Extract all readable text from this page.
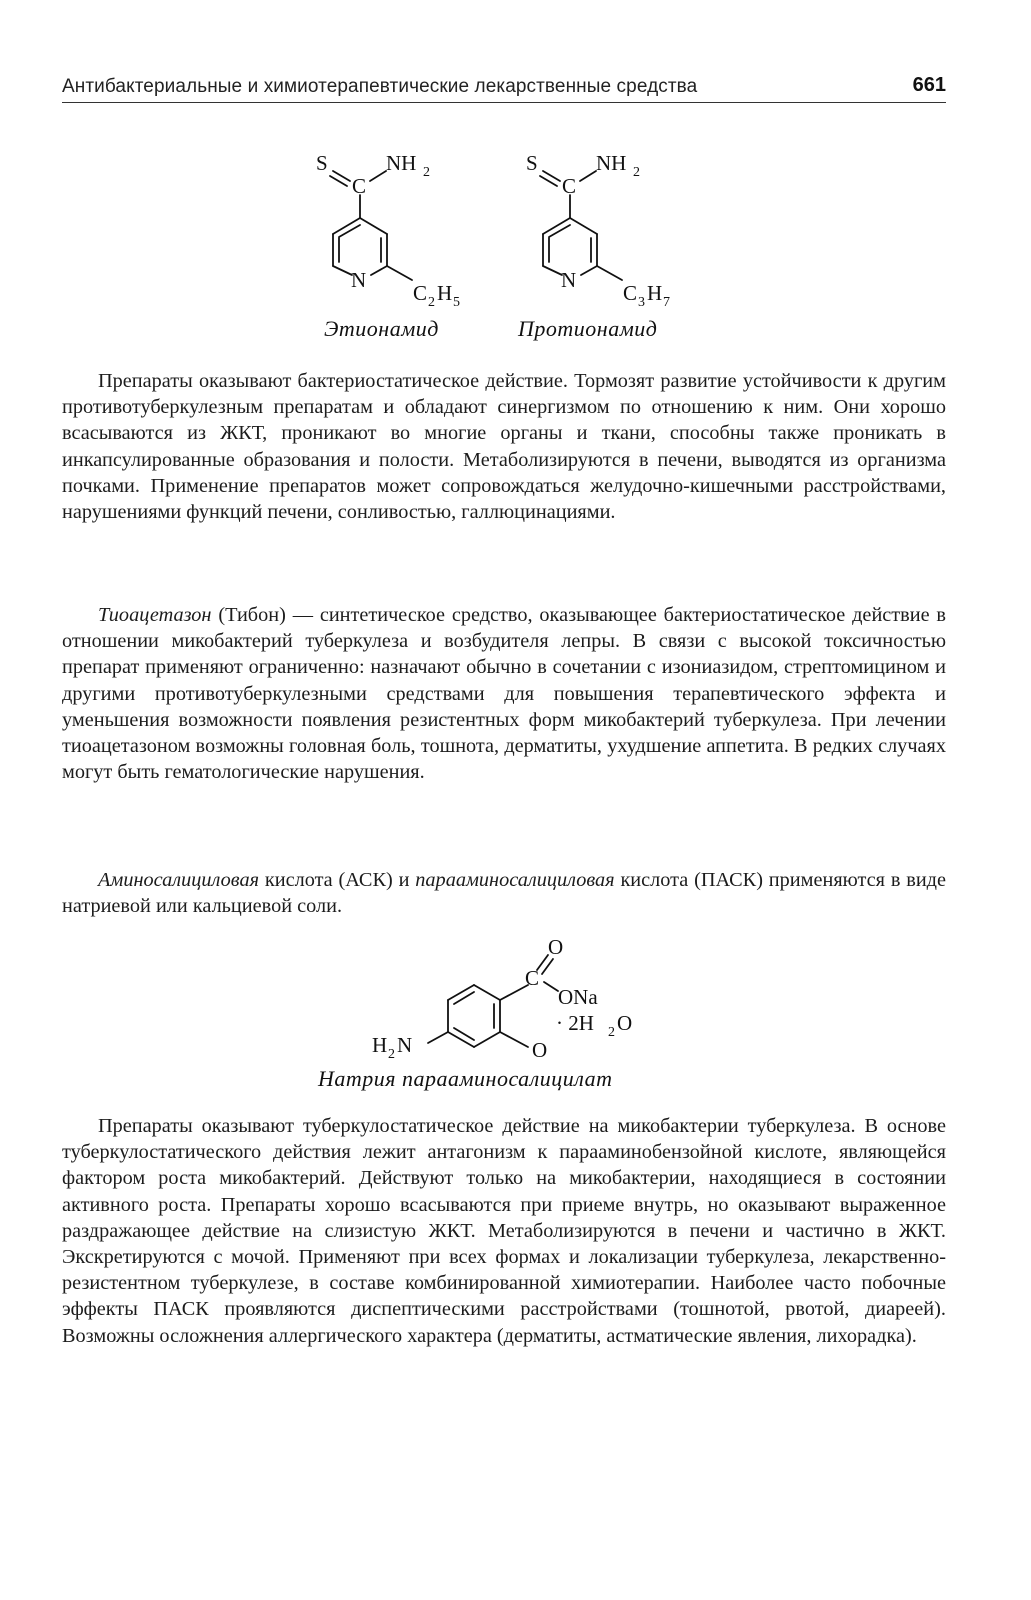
Антибактериальные и химиотерапевтические лекарственные средства	661
S
C
NH 2
N
C 2 H 5
Этионамид
S
C
NH 2
N
C 3 H 7
Протионамид

Препараты оказывают бактериостатическое действие. Тормозят развитие устойчивости к другим противотуберкулезным препаратам и обладают синергизмом по отношению к ним. Они хорошо всасываются из ЖКТ, проникают во многие органы и ткани, способны также проникать в инкапсулированные образования и полости. Метаболизируются в печени, выводятся из организма почками. Применение препаратов может сопровождаться желудочно-кишечными расстройствами, нарушениями функций печени, сонливостью, галлюцинациями.

Тиоацетазон (Тибон) — синтетическое средство, оказывающее бактериостатическое действие в отношении микобактерий туберкулеза и возбудителя лепры. В связи с высокой токсичностью препарат применяют ограниченно: назначают обычно в сочетании с изониазидом, стрептомицином и другими противотуберкулезными средствами для повышения терапевтического эффекта и уменьшения возможности появления резистентных форм микобактерий туберкулеза. При лечении тиоацетазоном возможны головная боль, тошнота, дерматиты, ухудшение аппетита. В редких случаях могут быть гематологические нарушения.

Аминосалициловая кислота (АСК) и парааминосалициловая кислота (ПАСК) применяются в виде натриевой или кальциевой соли.

O
C
ONa
· 2H 2 O
H 2 N	O
Натрия парааминосалицилат

Препараты оказывают туберкулостатическое действие на микобактерии туберкулеза. В основе туберкулостатического действия лежит антагонизм к парааминобензойной кислоте, являющейся фактором роста микобактерий. Действуют только на микобактерии, находящиеся в состоянии активного роста. Препараты хорошо всасываются при приеме внутрь, но оказывают выраженное раздражающее действие на слизистую ЖКТ. Метаболизируются в печени и частично в ЖКТ. Экскретируются с мочой. Применяют при всех формах и локализации туберкулеза, лекарственно-резистентном туберкулезе, в составе комбинированной химиотерапии. Наиболее часто побочные эффекты ПАСК проявляются диспептическими расстройствами (тошнотой, рвотой, диареей). Возможны осложнения аллергического характера (дерматиты, астматические явления, лихорадка).
